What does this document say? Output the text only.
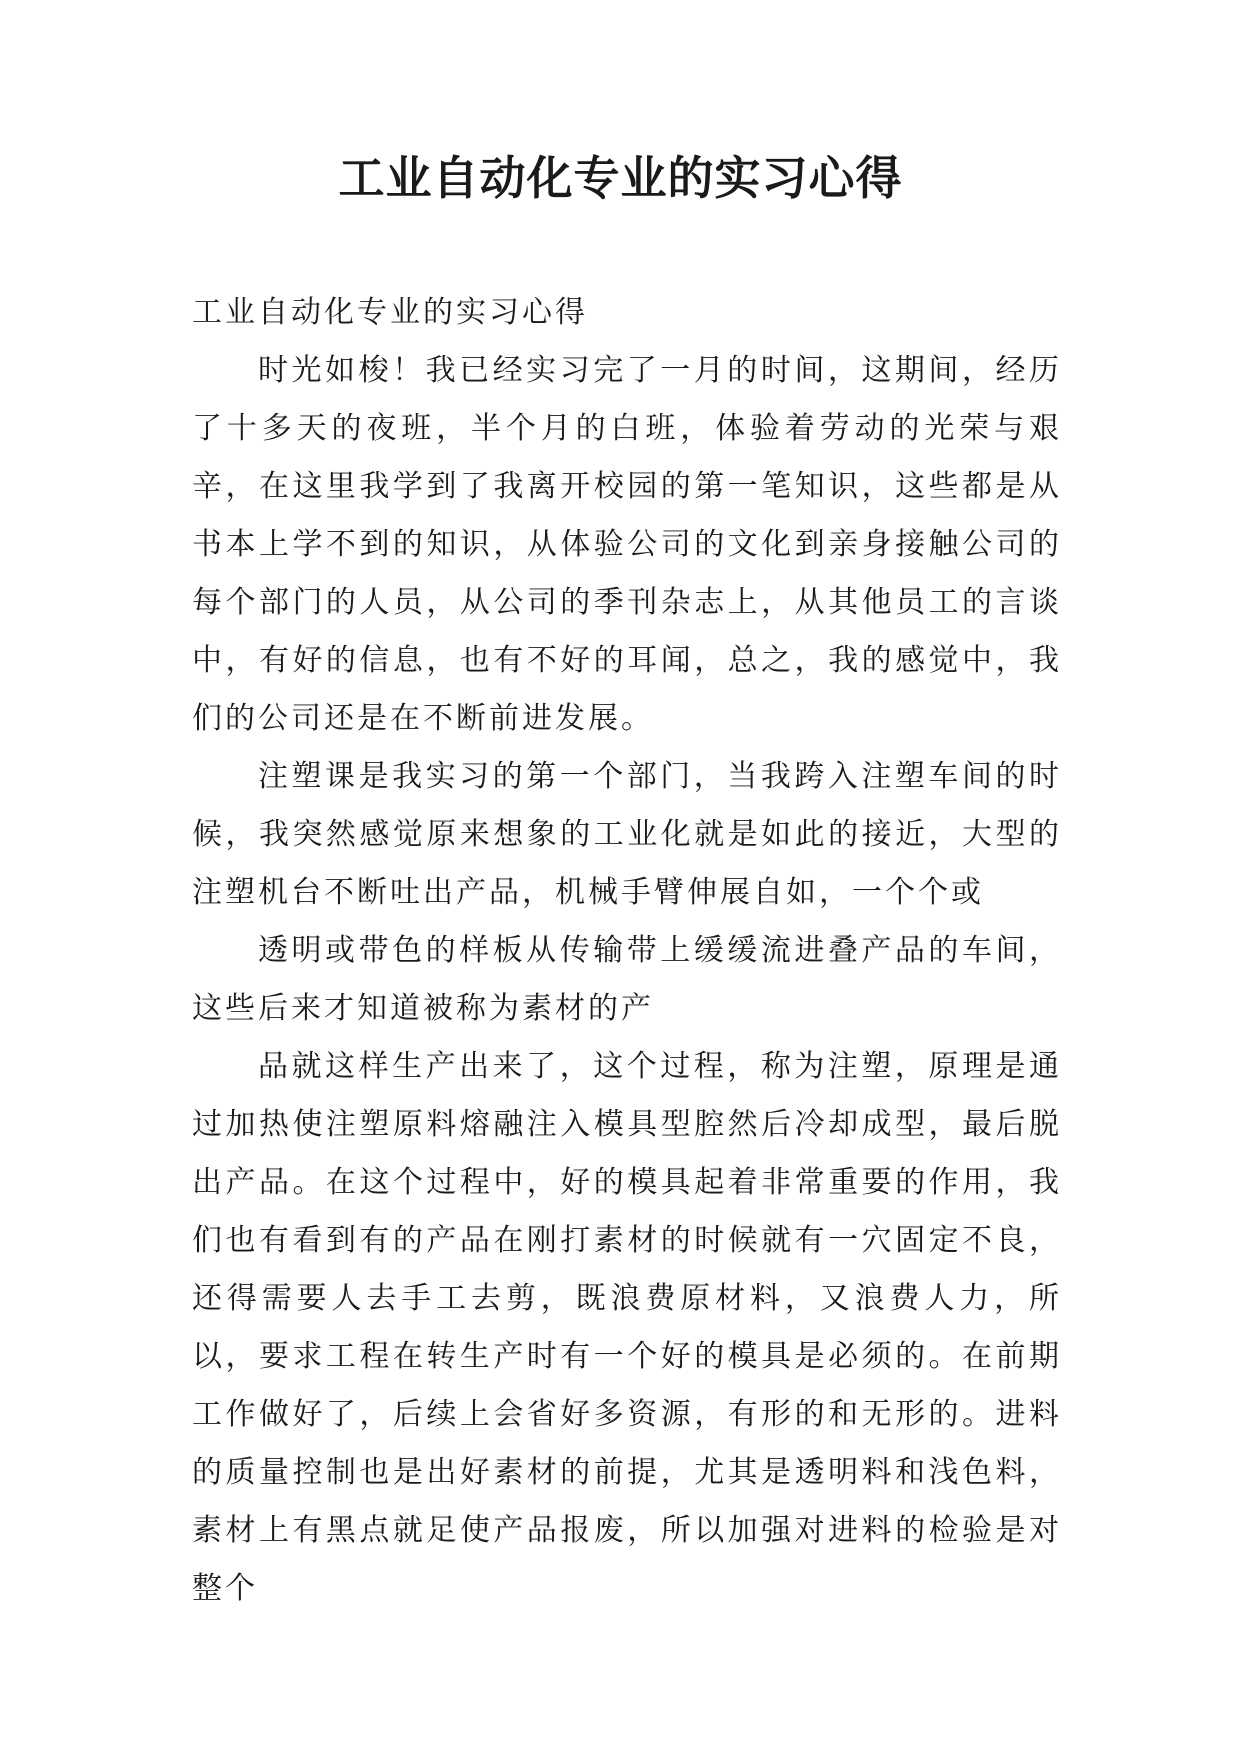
工业自动化专业的实习心得

工业自动化专业的实习心得

时光如梭！我已经实习完了一月的时间，这期间，经历了十多天的夜班，半个月的白班，体验着劳动的光荣与艰辛，在这里我学到了我离开校园的第一笔知识，这些都是从书本上学不到的知识，从体验公司的文化到亲身接触公司的每个部门的人员，从公司的季刊杂志上，从其他员工的言谈中，有好的信息，也有不好的耳闻，总之，我的感觉中，我们的公司还是在不断前进发展。

注塑课是我实习的第一个部门，当我跨入注塑车间的时候，我突然感觉原来想象的工业化就是如此的接近，大型的注塑机台不断吐出产品，机械手臂伸展自如，一个个或

透明或带色的样板从传输带上缓缓流进叠产品的车间，这些后来才知道被称为素材的产

品就这样生产出来了，这个过程，称为注塑，原理是通过加热使注塑原料熔融注入模具型腔然后冷却成型，最后脱出产品。在这个过程中，好的模具起着非常重要的作用，我们也有看到有的产品在刚打素材的时候就有一穴固定不良，还得需要人去手工去剪，既浪费原材料，又浪费人力，所以，要求工程在转生产时有一个好的模具是必须的。在前期工作做好了，后续上会省好多资源，有形的和无形的。进料的质量控制也是出好素材的前提，尤其是透明料和浅色料，素材上有黑点就足使产品报废，所以加强对进料的检验是对整个
